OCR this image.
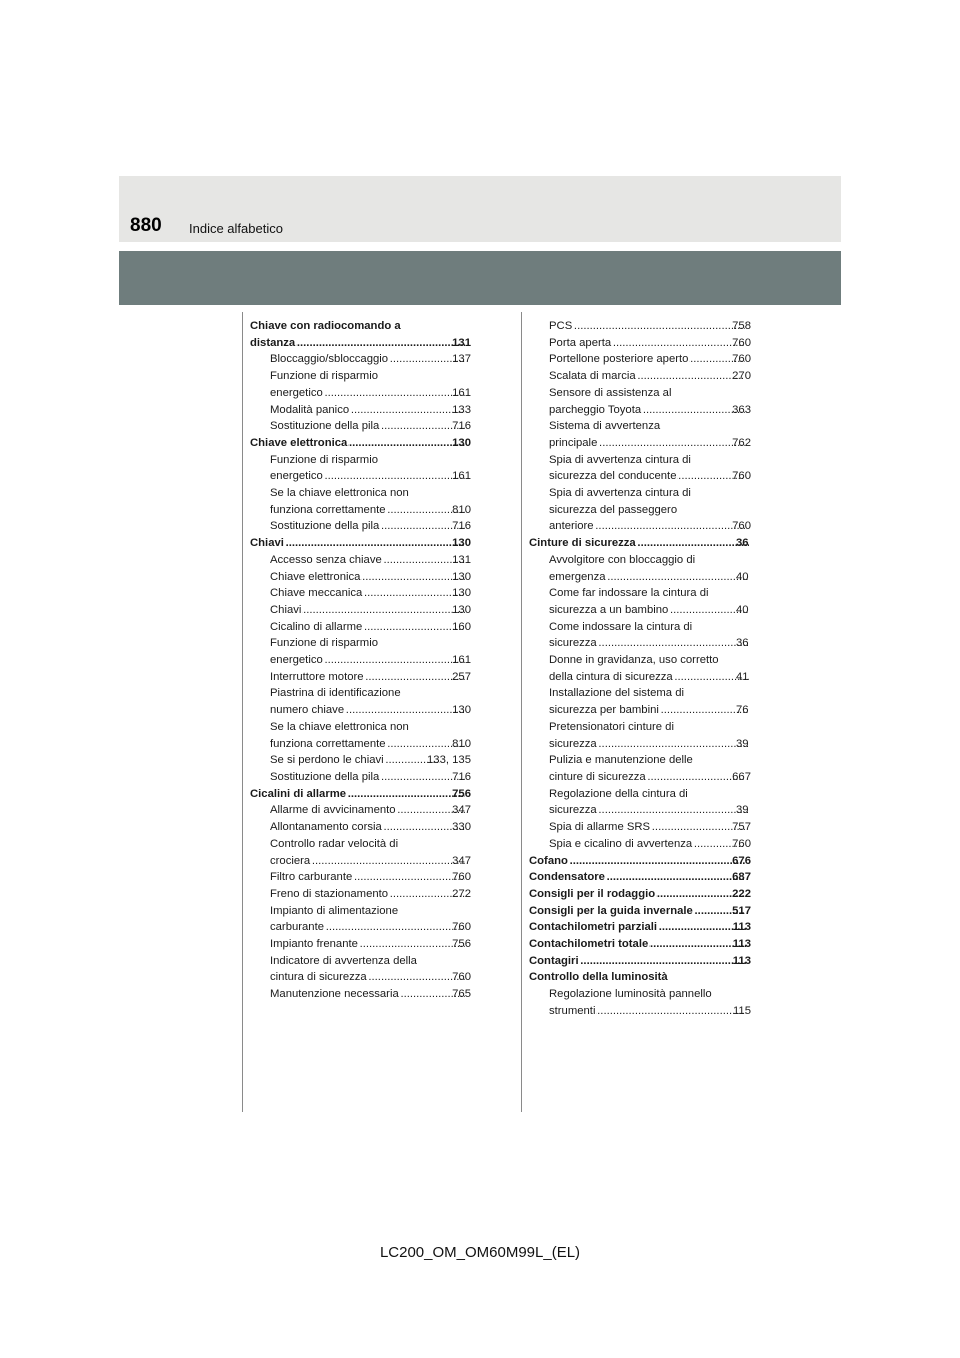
880 Indice alfabetico
Chiave con radiocomando a
distanza .....	131
Bloccaggio/sbloccaggio .....	137
Funzione di risparmio
energetico .....	161
Modalità panico .....	133
Sostituzione della pila .....	716
Chiave elettronica .....	130
Funzione di risparmio
energetico .....	161
Se la chiave elettronica non
funziona correttamente .....	810
Sostituzione della pila .....	716
Chiavi .....	130
Accesso senza chiave .....	131
Chiave elettronica .....	130
Chiave meccanica .....	130
Chiavi .....	130
Cicalino di allarme .....	160
Funzione di risparmio
energetico .....	161
Interruttore motore .....	257
Piastrina di identificazione
numero chiave .....	130
Se la chiave elettronica non
funziona correttamente .....	810
Se si perdono le chiavi .....	133, 135
Sostituzione della pila .....	716
Cicalini di allarme .....	756
Allarme di avvicinamento .....	347
Allontanamento corsia .....	330
Controllo radar velocità di
crociera .....	347
Filtro carburante .....	760
Freno di stazionamento .....	272
Impianto di alimentazione
carburante .....	760
Impianto frenante .....	756
Indicatore di avvertenza della
cintura di sicurezza .....	760
Manutenzione necessaria .....	765
PCS .....	758
Porta aperta .....	760
Portellone posteriore aperto .....	760
Scalata di marcia .....	270
Sensore di assistenza al
parcheggio Toyota .....	363
Sistema di avvertenza
principale .....	762
Spia di avvertenza cintura di
sicurezza del conducente .....	760
Spia di avvertenza cintura di
sicurezza del passeggero
anteriore .....	760
Cinture di sicurezza .....	36
Avvolgitore con bloccaggio di
emergenza .....	40
Come far indossare la cintura di
sicurezza a un bambino .....	40
Come indossare la cintura di
sicurezza .....	36
Donne in gravidanza, uso corretto
della cintura di sicurezza .....	41
Installazione del sistema di
sicurezza per bambini .....	76
Pretensionatori cinture di
sicurezza .....	39
Pulizia e manutenzione delle
cinture di sicurezza .....	667
Regolazione della cintura di
sicurezza .....	39
Spia di allarme SRS .....	757
Spia e cicalino di avvertenza .....	760
Cofano .....	676
Condensatore .....	687
Consigli per il rodaggio .....	222
Consigli per la guida invernale .....	517
Contachilometri parziali .....	113
Contachilometri totale .....	113
Contagiri .....	113
Controllo della luminosità
Regolazione luminosità pannello
strumenti .....	115
LC200_OM_OM60M99L_(EL)
